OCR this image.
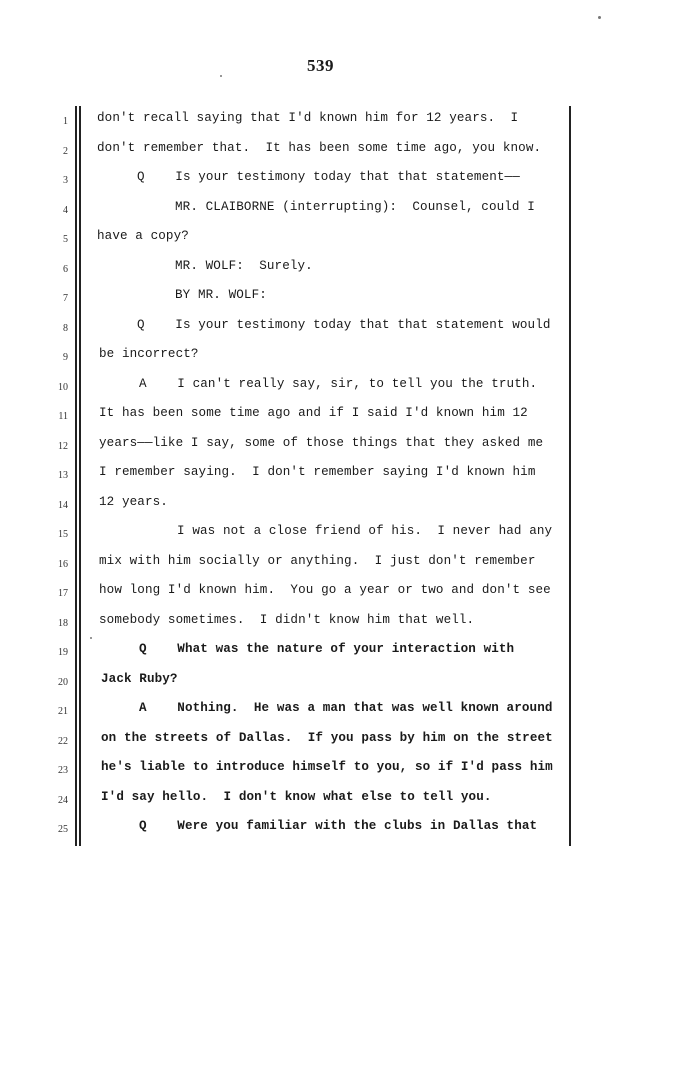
539
1 don't recall saying that I'd known him for 12 years.  I
2 don't remember that.  It has been some time ago, you know.
3	Q    Is your testimony today that that statement——
4	MR. CLAIBORNE (interrupting):  Counsel, could I
5 have a copy?
6	MR. WOLF:  Surely.
7	BY MR. WOLF:
8	Q    Is your testimony today that that statement would
9 be incorrect?
10	A    I can't really say, sir, to tell you the truth.
11 It has been some time ago and if I said I'd known him 12
12 years——like I say, some of those things that they asked me
13 I remember saying.  I don't remember saying I'd known him
14 12 years.
15	I was not a close friend of his.  I never had any
16 mix with him socially or anything.  I just don't remember
17 how long I'd known him.  You go a year or two and don't see
18 somebody sometimes.  I didn't know him that well.
19	Q    What was the nature of your interaction with
20	Jack Ruby?
21	A    Nothing.  He was a man that was well known around
22	on the streets of Dallas.  If you pass by him on the street
23	he's liable to introduce himself to you, so if I'd pass him
24	I'd say hello.  I don't know what else to tell you.
25	Q    Were you familiar with the clubs in Dallas that
